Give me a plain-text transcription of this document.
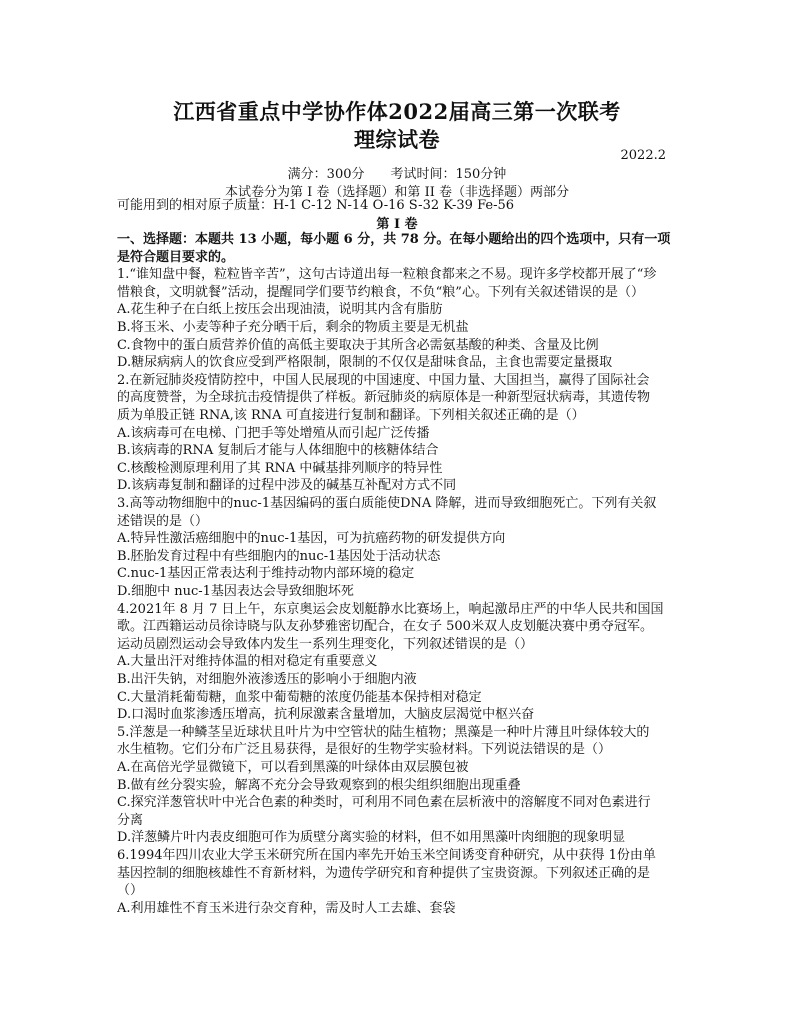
江西省重点中学协作体2022届高三第一次联考
理综试卷
2022.2
满分：300分　　考试时间：150分钟
本试卷分为第 I 卷（选择题）和第 II 卷（非选择题）两部分
可能用到的相对原子质量：H-1 C-12 N-14 O-16 S-32 K-39 Fe-56
第 I 卷
一、选择题：本题共 13 小题，每小题 6 分，共 78 分。在每小题给出的四个选项中，只有一项
是符合题目要求的。
1.“谁知盘中餐，粒粒皆辛苦”，这句古诗道出每一粒粮食都来之不易。现许多学校都开展了“珍
惜粮食，文明就餐”活动，提醒同学们要节约粮食，不负“粮”心。下列有关叙述错误的是（）
A.花生种子在白纸上按压会出现油渍，说明其内含有脂肪
B.将玉米、小麦等种子充分晒干后，剩余的物质主要是无机盐
C.食物中的蛋白质营养价值的高低主要取决于其所含必需氨基酸的种类、含量及比例
D.糖尿病病人的饮食应受到严格限制，限制的不仅仅是甜味食品，主食也需要定量摄取
2.在新冠肺炎疫情防控中，中国人民展现的中国速度、中国力量、大国担当，赢得了国际社会
的高度赞誉，为全球抗击疫情提供了样板。新冠肺炎的病原体是一种新型冠状病毒，其遗传物
质为单股正链 RNA,该 RNA 可直接进行复制和翻译。下列相关叙述正确的是（）
A.该病毒可在电梯、门把手等处增殖从而引起广泛传播
B.该病毒的RNA 复制后才能与人体细胞中的核糖体结合
C.核酸检测原理利用了其 RNA 中碱基排列顺序的特异性
D.该病毒复制和翻译的过程中涉及的碱基互补配对方式不同
3.高等动物细胞中的nuc-1基因编码的蛋白质能使DNA 降解，进而导致细胞死亡。下列有关叙
述错误的是（）
A.特异性激活癌细胞中的nuc-1基因，可为抗癌药物的研发提供方向
B.胚胎发育过程中有些细胞内的nuc-1基因处于活动状态
C.nuc-1基因正常表达利于维持动物内部环境的稳定
D.细胞中 nuc-1基因表达会导致细胞坏死
4.2021年 8 月 7 日上午，东京奥运会皮划艇静水比赛场上，响起激昂庄严的中华人民共和国国
歌。江西籍运动员徐诗晓与队友孙梦雅密切配合，在女子 500米双人皮划艇决赛中勇夺冠军。
运动员剧烈运动会导致体内发生一系列生理变化，下列叙述错误的是（）
A.大量出汗对维持体温的相对稳定有重要意义
B.出汗失钠，对细胞外液渗透压的影响小于细胞内液
C.大量消耗葡萄糖，血浆中葡萄糖的浓度仍能基本保持相对稳定
D.口渴时血浆渗透压增高，抗利尿激素含量增加，大脑皮层渴觉中枢兴奋
5.洋葱是一种鳞茎呈近球状且叶片为中空管状的陆生植物；黑藻是一种叶片薄且叶绿体较大的
水生植物。它们分布广泛且易获得，是很好的生物学实验材料。下列说法错误的是（）
A.在高倍光学显微镜下，可以看到黑藻的叶绿体由双层膜包被
B.做有丝分裂实验，解离不充分会导致观察到的根尖组织细胞出现重叠
C.探究洋葱管状叶中光合色素的种类时，可利用不同色素在层析液中的溶解度不同对色素进行
分离
D.洋葱鳞片叶内表皮细胞可作为质壁分离实验的材料，但不如用黑藻叶肉细胞的现象明显
6.1994年四川农业大学玉米研究所在国内率先开始玉米空间诱变育种研究，从中获得 1份由单
基因控制的细胞核雄性不育新材料，为遗传学研究和育种提供了宝贵资源。下列叙述正确的是
（）
A.利用雄性不育玉米进行杂交育种，需及时人工去雄、套袋
